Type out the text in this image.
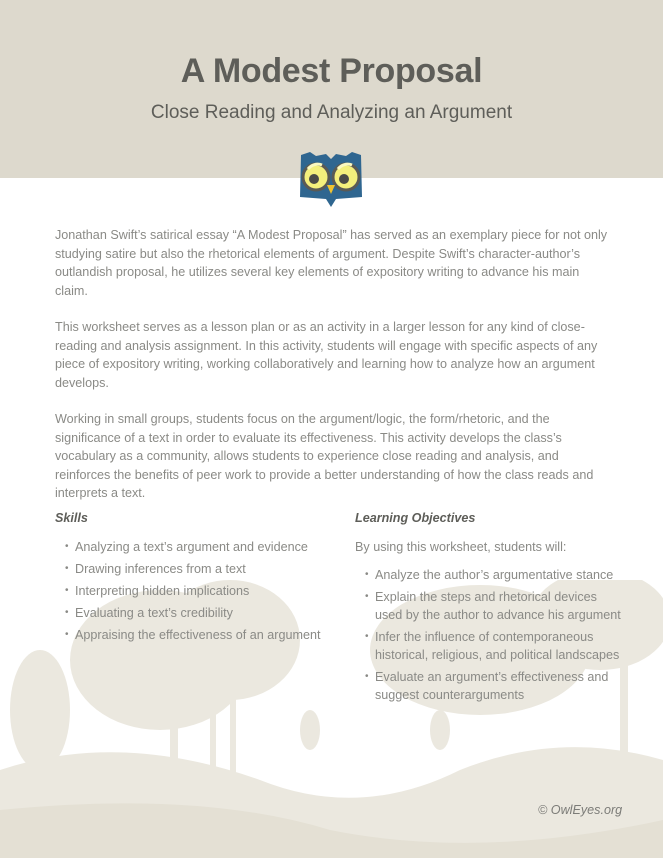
A Modest Proposal
Close Reading and Analyzing an Argument

Jonathan Swift’s satirical essay “A Modest Proposal” has served as an exemplary piece for not only studying satire but also the rhetorical elements of argument. Despite Swift’s character-author’s outlandish proposal, he utilizes several key elements of expository writing to advance his main claim.

This worksheet serves as a lesson plan or as an activity in a larger lesson for any kind of close-reading and analysis assignment. In this activity, students will engage with specific aspects of any piece of expository writing, working collaboratively and learning how to analyze how an argument develops.

Working in small groups, students focus on the argument/logic, the form/rhetoric, and the significance of a text in order to evaluate its effectiveness. This activity develops the class’s vocabulary as a community, allows students to experience close reading and analysis, and reinforces the benefits of peer work to provide a better understanding of how the class reads and interprets a text.

Skills
• Analyzing a text’s argument and evidence
• Drawing inferences from a text
• Interpreting hidden implications
• Evaluating a text’s credibility
• Appraising the effectiveness of an argument
Learning Objectives
By using this worksheet, students will:
• Analyze the author’s argumentative stance
• Explain the steps and rhetorical devices used by the author to advance his argument
• Infer the influence of contemporaneous historical, religious, and political landscapes
• Evaluate an argument’s effectiveness and suggest counterarguments
© OwlEyes.org
